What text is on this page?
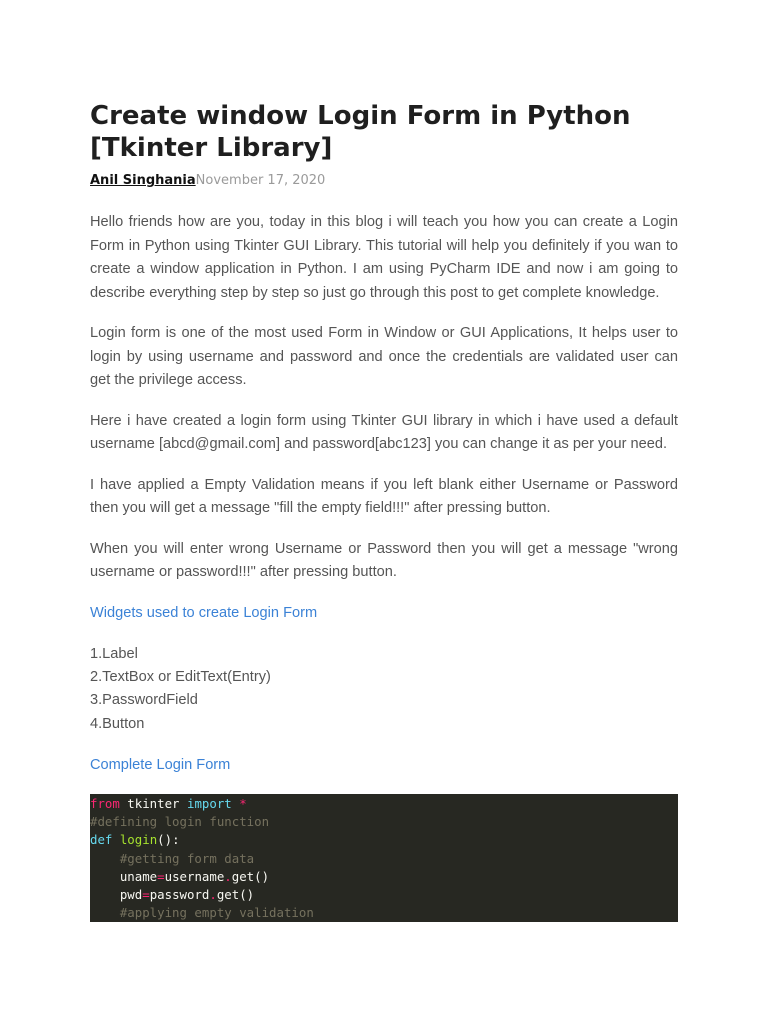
Create window Login Form in Python
[Tkinter Library]
Anil SinghaniaNovember 17, 2020

Hello friends how are you, today in this blog i will teach you how you can create a Login Form in Python using Tkinter GUI Library. This tutorial will help you definitely if you wan to create a window application in Python. I am using PyCharm IDE and now i am going to describe everything step by step so just go through this post to get complete knowledge.

Login form is one of the most used Form in Window or GUI Applications, It helps user to login by using username and password and once the credentials are validated user can get the privilege access.

Here i have created a login form using Tkinter GUI library in which i have used a default username [abcd@gmail.com] and password[abc123] you can change it as per your need.

I have applied a Empty Validation means if you left blank either Username or Password then you will get a message "fill the empty field!!!" after pressing button.

When you will enter wrong Username or Password then you will get a message "wrong username or password!!!" after pressing button.

Widgets used to create Login Form

1.Label
2.TextBox or EditText(Entry)
3.PasswordField
4.Button

Complete Login Form

from tkinter import *
#defining login function
def login():
#getting form data
uname=username.get()
pwd=password.get()
#applying empty validation
